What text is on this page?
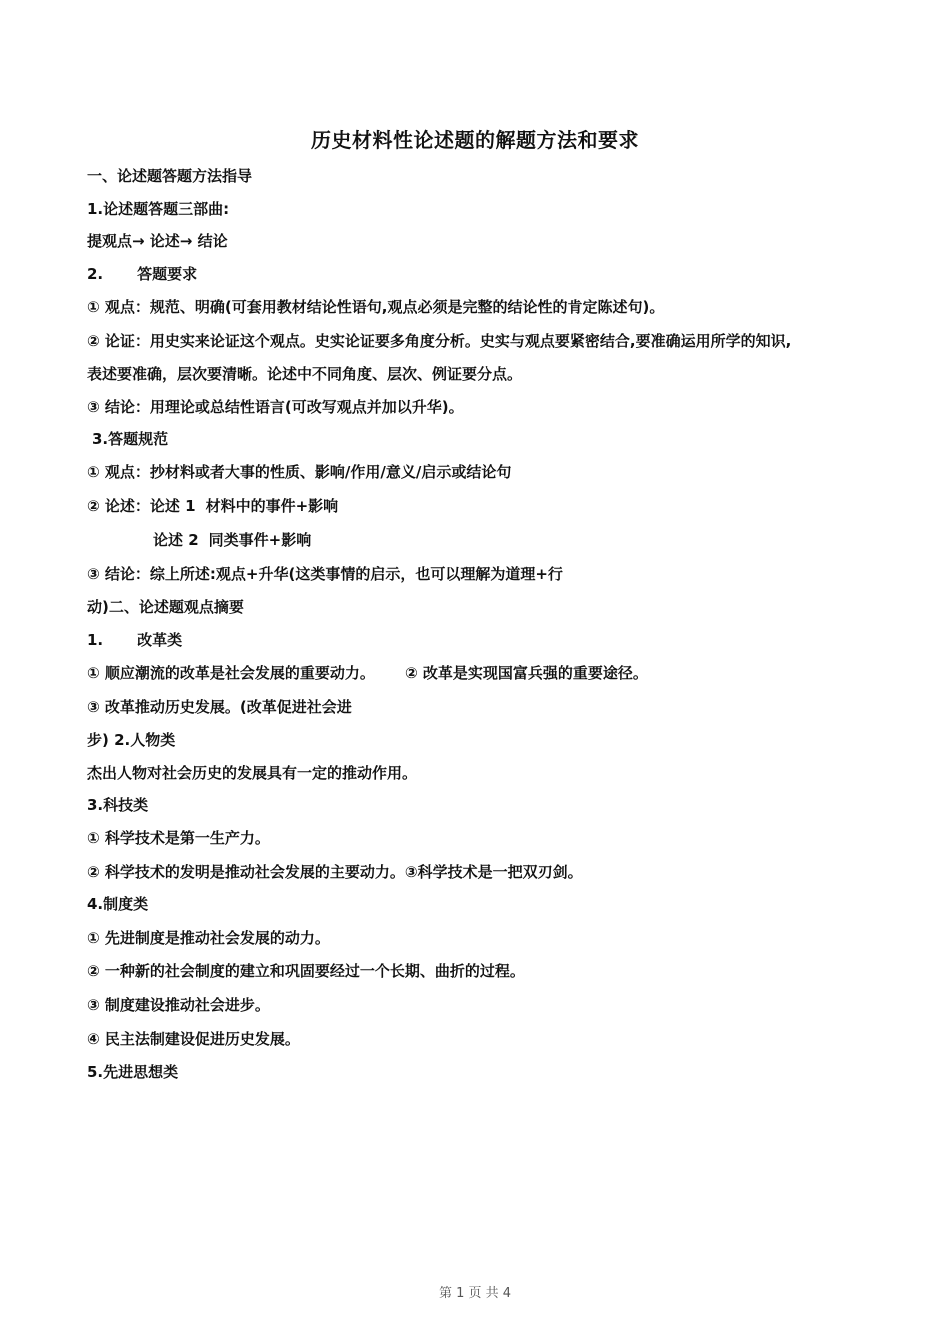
历史材料性论述题的解题方法和要求
一、论述题答题方法指导
1.论述题答题三部曲:
提观点→ 论述→ 结论
2. 答题要求
① 观点：规范、明确(可套用教材结论性语句,观点必须是完整的结论性的肯定陈述句)。
② 论证：用史实来论证这个观点。史实论证要多角度分析。史实与观点要紧密结合,要准确运用所学的知识,
表述要准确，层次要清晰。论述中不同角度、层次、例证要分点。
③ 结论：用理论或总结性语言(可改写观点并加以升华)。
3.答题规范
① 观点：抄材料或者大事的性质、影响/作用/意义/启示或结论句
② 论述：论述 1 材料中的事件+影响
论述 2 同类事件+影响
③ 结论：综上所述:观点+升华(这类事情的启示，也可以理解为道理+行
动)二、论述题观点摘要
1. 改革类
① 顺应潮流的改革是社会发展的重要动力。 ② 改革是实现国富兵强的重要途径。
③ 改革推动历史发展。(改革促进社会进
步) 2.人物类
杰出人物对社会历史的发展具有一定的推动作用。
3.科技类
① 科学技术是第一生产力。
② 科学技术的发明是推动社会发展的主要动力。③科学技术是一把双刃剑。
4.制度类
① 先进制度是推动社会发展的动力。
② 一种新的社会制度的建立和巩固要经过一个长期、曲折的过程。
③ 制度建设推动社会进步。
④ 民主法制建设促进历史发展。
5.先进思想类
第 1 页 共 4
